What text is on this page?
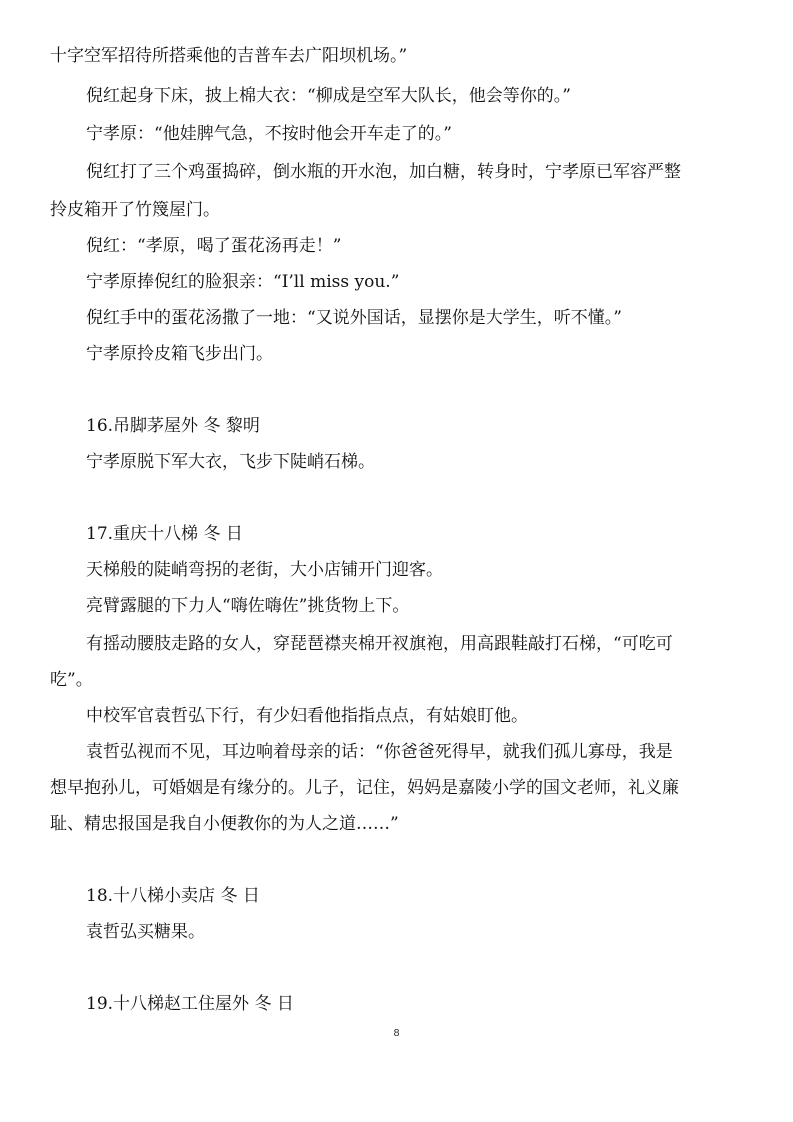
十字空军招待所搭乘他的吉普车去广阳坝机场。”
倪红起身下床，披上棉大衣：“柳成是空军大队长，他会等你的。”
宁孝原：“他娃脾气急，不按时他会开车走了的。”
倪红打了三个鸡蛋捣碎，倒水瓶的开水泡，加白糖，转身时，宁孝原已军容严整
拎皮箱开了竹篾屋门。
倪红：“孝原，喝了蛋花汤再走！”
宁孝原捧倪红的脸狠亲：“I’ll miss you.”
倪红手中的蛋花汤撒了一地：“又说外国话，显摆你是大学生，听不懂。”
宁孝原拎皮箱飞步出门。
16.吊脚茅屋外 冬 黎明
宁孝原脱下军大衣，飞步下陡峭石梯。
17.重庆十八梯 冬 日
天梯般的陡峭弯拐的老街，大小店铺开门迎客。
亮臂露腿的下力人“嗨佐嗨佐”挑货物上下。
有摇动腰肢走路的女人，穿琵琶襟夹棉开衩旗袍，用高跟鞋敲打石梯，“可吃可
吃”。
中校军官袁哲弘下行，有少妇看他指指点点，有姑娘盯他。
袁哲弘视而不见，耳边响着母亲的话：“你爸爸死得早，就我们孤儿寡母，我是
想早抱孙儿，可婚姻是有缘分的。儿子，记住，妈妈是嘉陵小学的国文老师，礼义廉
耻、精忠报国是我自小便教你的为人之道……”
18.十八梯小卖店 冬 日
袁哲弘买糖果。
19.十八梯赵工住屋外 冬 日
8
